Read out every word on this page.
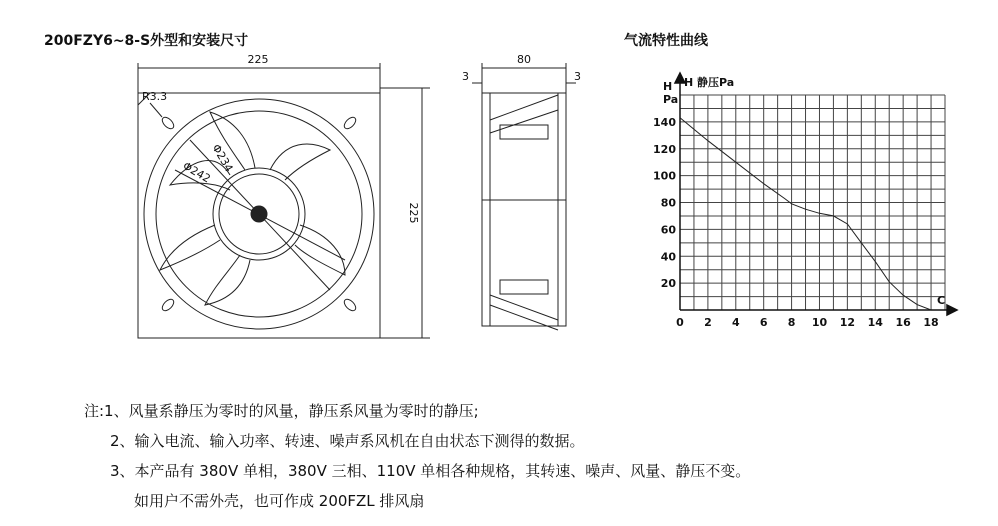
200FZY6~8-S外型和安装尺寸	气流特性曲线
225
225
R3.3
Φ234
Φ242
80
3	3
0 2 4 6 8 10 12 14 16 18
20
40
60
80
100
120
140
H H 静压Pa
Pa
C
注:1、风量系静压为零时的风量，静压系风量为零时的静压;
2、输入电流、输入功率、转速、噪声系风机在自由状态下测得的数据。
3、本产品有 380V 单相，380V 三相、110V 单相各种规格，其转速、噪声、风量、静压不变。
如用户不需外壳，也可作成 200FZL 排风扇
